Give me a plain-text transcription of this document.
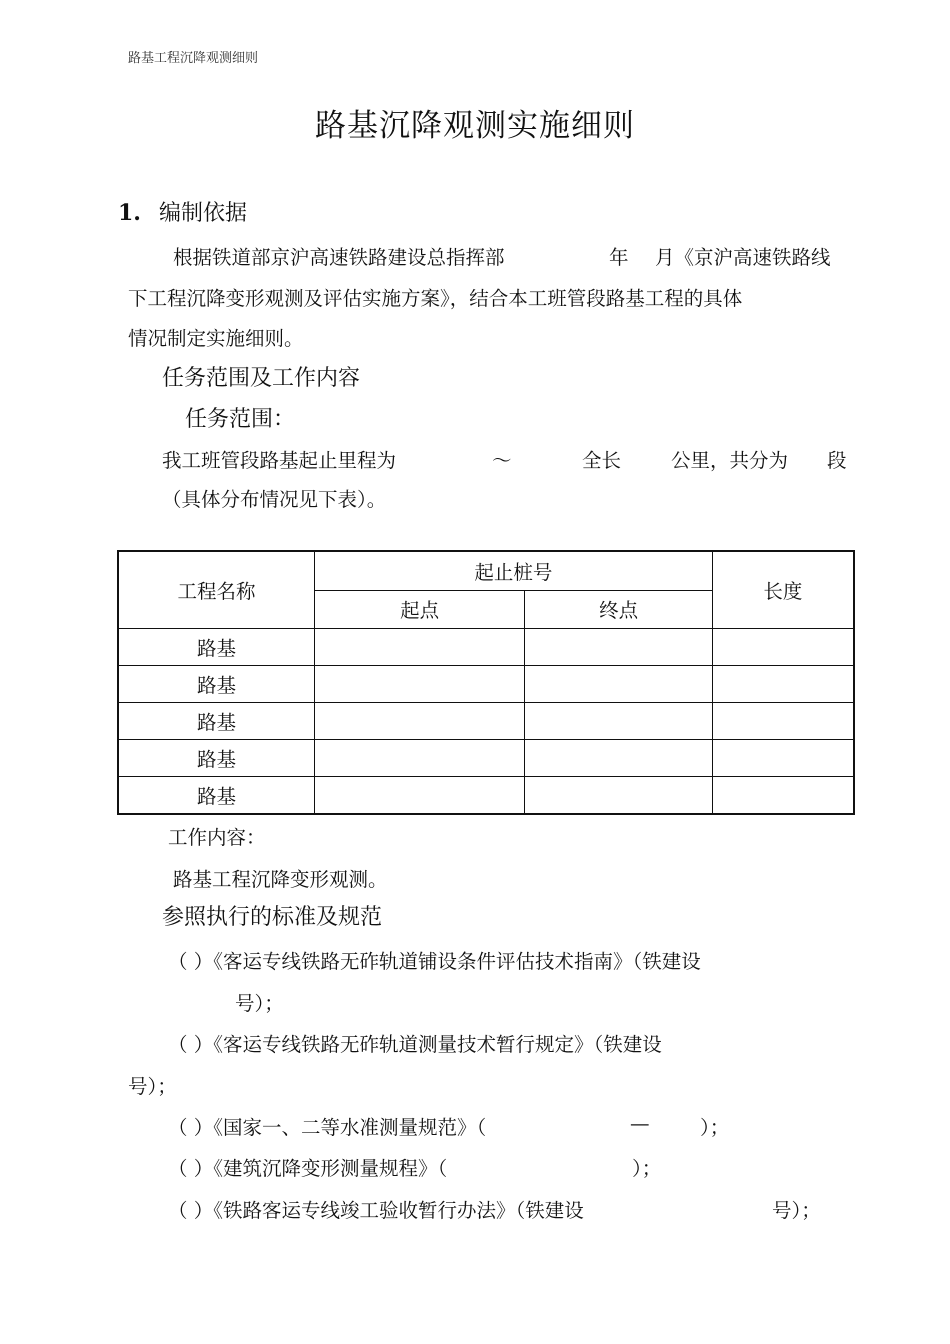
路基工程沉降观测细则
路基沉降观测实施细则
1. 编制依据
根据铁道部京沪高速铁路建设总指挥部	年 月《京沪高速铁路线
下工程沉降变形观测及评估实施方案》，结合本工班管段路基工程的具体
情况制定实施细则。
任务范围及工作内容
任务范围：
我工班管段路基起止里程为	～	全长	公里，共分为 段
（具体分布情况见下表）。
工程名称	起止桩号		长度
	起点	终点	
路基			
路基			
路基			
路基			
路基			
工作内容：
路基工程沉降变形观测。
参照执行的标准及规范
（ ）《客运专线铁路无砟轨道铺设条件评估技术指南》（铁建设
号）；
（ ）《客运专线铁路无砟轨道测量技术暂行规定》（铁建设
号）；
（ ）《国家一、二等水准测量规范》（	—	）；
（ ）《建筑沉降变形测量规程》（	）；
（ ）《铁路客运专线竣工验收暂行办法》（铁建设	号）；
